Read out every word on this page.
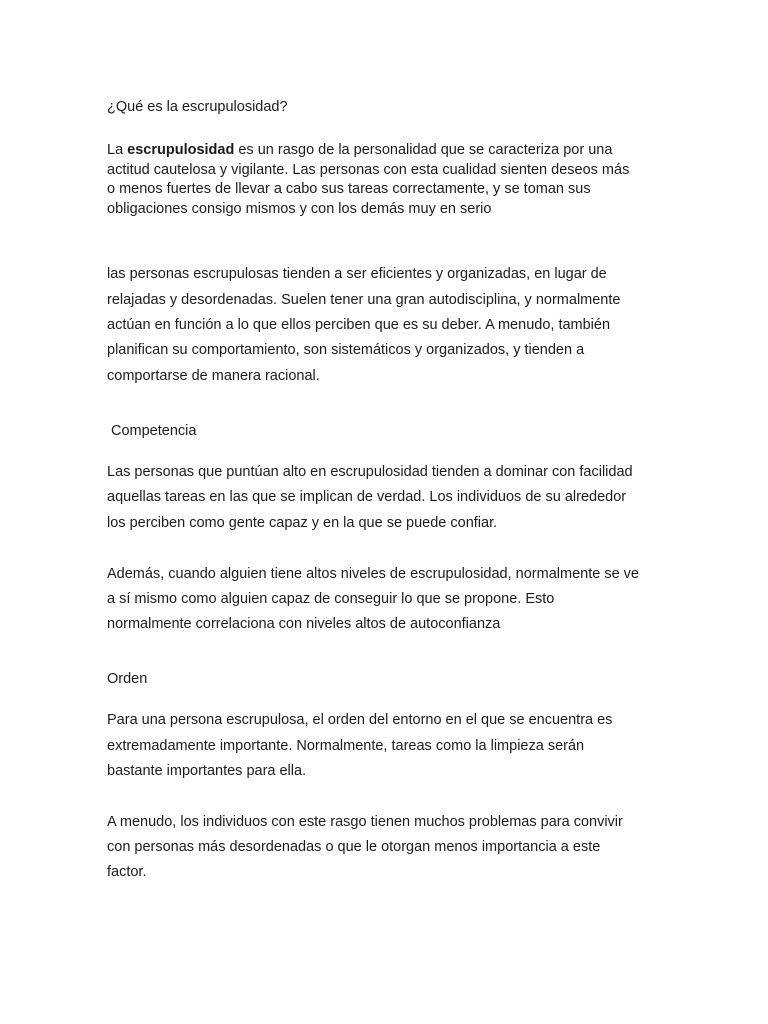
¿Qué es la escrupulosidad?
La escrupulosidad es un rasgo de la personalidad que se caracteriza por una
actitud cautelosa y vigilante. Las personas con esta cualidad sienten deseos más
o menos fuertes de llevar a cabo sus tareas correctamente, y se toman sus
obligaciones consigo mismos y con los demás muy en serio
las personas escrupulosas tienden a ser eficientes y organizadas, en lugar de
relajadas y desordenadas. Suelen tener una gran autodisciplina, y normalmente
actúan en función a lo que ellos perciben que es su deber. A menudo, también
planifican su comportamiento, son sistemáticos y organizados, y tienden a
comportarse de manera racional.
Competencia
Las personas que puntúan alto en escrupulosidad tienden a dominar con facilidad
aquellas tareas en las que se implican de verdad. Los individuos de su alrededor
los perciben como gente capaz y en la que se puede confiar.
Además, cuando alguien tiene altos niveles de escrupulosidad, normalmente se ve
a sí mismo como alguien capaz de conseguir lo que se propone. Esto
normalmente correlaciona con niveles altos de autoconfianza
Orden
Para una persona escrupulosa, el orden del entorno en el que se encuentra es
extremadamente importante. Normalmente, tareas como la limpieza serán
bastante importantes para ella.
A menudo, los individuos con este rasgo tienen muchos problemas para convivir
con personas más desordenadas o que le otorgan menos importancia a este
factor.
